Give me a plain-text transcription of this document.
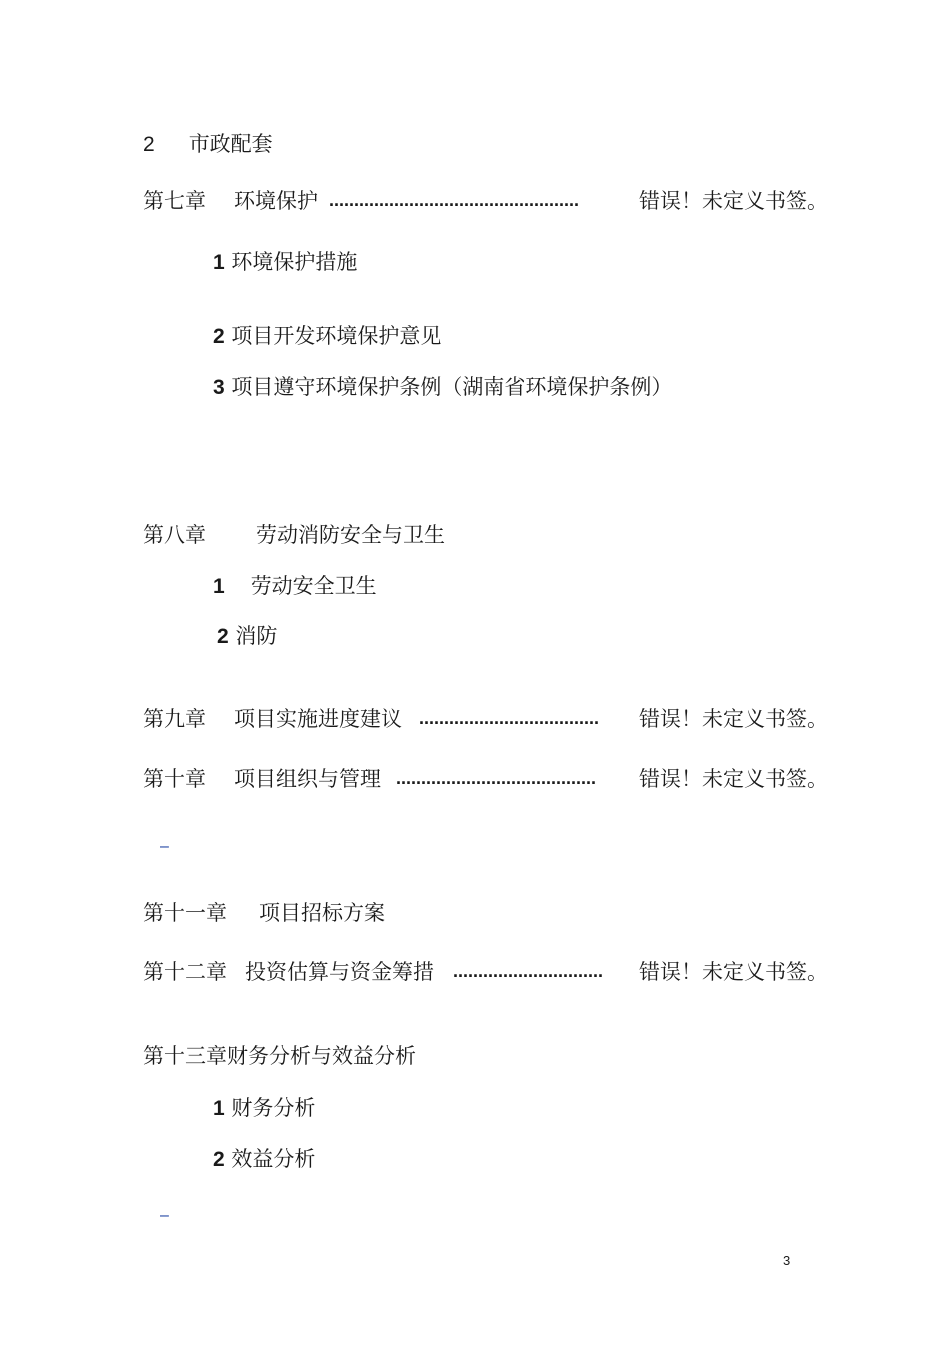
2 市政配套
第七章 环境保护 ..................................................	错误！未定义书签。
1 环境保护措施
2 项目开发环境保护意见
3 项目遵守环境保护条例（湖南省环境保护条例）
第八章 劳动消防安全与卫生
1 劳动安全卫生
2 消防
第九章 项目实施进度建议 ....................................	错误！未定义书签。
第十章 项目组织与管理 ........................................	错误！未定义书签。
–
第十一章 项目招标方案
第十二章 投资估算与资金筹措 ..............................	错误！未定义书签。
第十三章财务分析与效益分析
1 财务分析
2 效益分析
–
3
